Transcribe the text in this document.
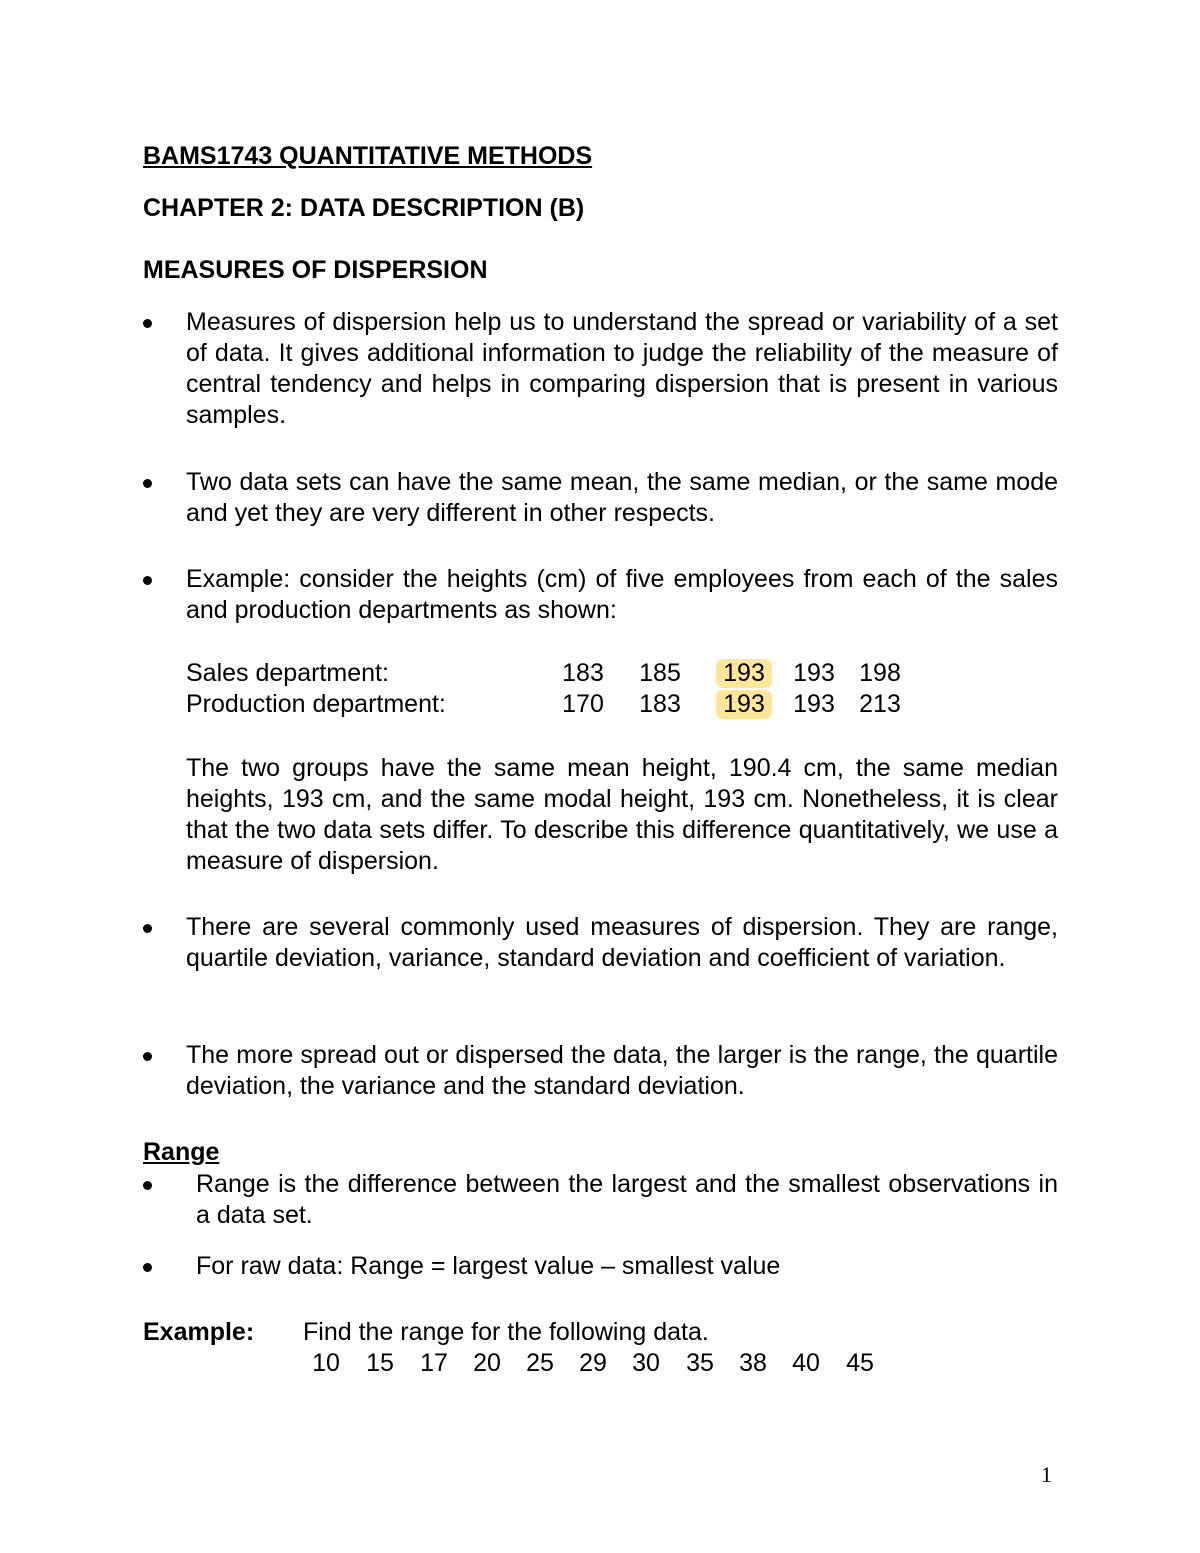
BAMS1743 QUANTITATIVE METHODS
CHAPTER 2: DATA DESCRIPTION (B)
MEASURES OF DISPERSION
Measures of dispersion help us to understand the spread or variability of a set of data. It gives additional information to judge the reliability of the measure of central tendency and helps in comparing dispersion that is present in various samples.
Two data sets can have the same mean, the same median, or the same mode and yet they are very different in other respects.
Example: consider the heights (cm) of five employees from each of the sales and production departments as shown:
Sales department:	183 185 193 193 198
Production department:	170 183 193 193 213
The two groups have the same mean height, 190.4 cm, the same median heights, 193 cm, and the same modal height, 193 cm. Nonetheless, it is clear that the two data sets differ. To describe this difference quantitatively, we use a measure of dispersion.
There are several commonly used measures of dispersion. They are range, quartile deviation, variance, standard deviation and coefficient of variation.
The more spread out or dispersed the data, the larger is the range, the quartile deviation, the variance and the standard deviation.
Range
Range is the difference between the largest and the smallest observations in a data set.
For raw data: Range = largest value – smallest value
Example: Find the range for the following data.
10	15	17	20	25	29	30	35	38	40	45
1
